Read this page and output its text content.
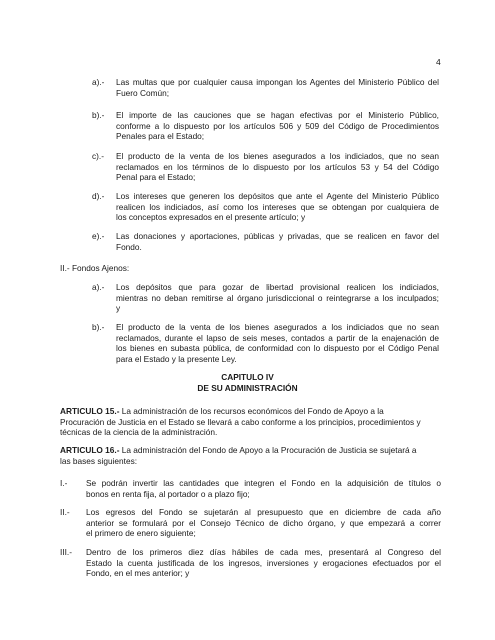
4
a).- Las multas que por cualquier causa impongan los Agentes del Ministerio Público del
Fuero Común;
b).- El importe de las cauciones que se hagan efectivas por el Ministerio Público,
conforme a lo dispuesto por los artículos 506 y 509 del Código de Procedimientos
Penales para el Estado;
c).- El producto de la venta de los bienes asegurados a los indiciados, que no sean
reclamados en los términos de lo dispuesto por los artículos 53 y 54 del Código
Penal para el Estado;
d).- Los intereses que generen los depósitos que ante el Agente del Ministerio Público
realicen los indiciados, así como los intereses que se obtengan por cualquiera de
los conceptos expresados en el presente artículo; y
e).- Las donaciones y aportaciones, públicas y privadas, que se realicen en favor del
Fondo.
II.- Fondos Ajenos:
a).- Los depósitos que para gozar de libertad provisional realicen los indiciados,
mientras no deban remitirse al órgano jurisdiccional o reintegrarse a los inculpados;
y
b).- El producto de la venta de los bienes asegurados a los indiciados que no sean
reclamados, durante el lapso de seis meses, contados a partir de la enajenación de
los bienes en subasta pública, de conformidad con lo dispuesto por el Código Penal
para el Estado y la presente Ley.
CAPITULO IV
DE SU ADMINISTRACIÓN
ARTICULO 15.- La administración de los recursos económicos del Fondo de Apoyo a la
Procuración de Justicia en el Estado se llevará a cabo conforme a los principios, procedimientos y
técnicas de la ciencia de la administración.
ARTICULO 16.- La administración del Fondo de Apoyo a la Procuración de Justicia se sujetará a
las bases siguientes:
I.- Se podrán invertir las cantidades que integren el Fondo en la adquisición de títulos o
bonos en renta fija, al portador o a plazo fijo;
II.- Los egresos del Fondo se sujetarán al presupuesto que en diciembre de cada año
anterior se formulará por el Consejo Técnico de dicho órgano, y que empezará a correr
el primero de enero siguiente;
III.- Dentro de los primeros diez días hábiles de cada mes, presentará al Congreso del
Estado la cuenta justificada de los ingresos, inversiones y erogaciones efectuados por el
Fondo, en el mes anterior; y
